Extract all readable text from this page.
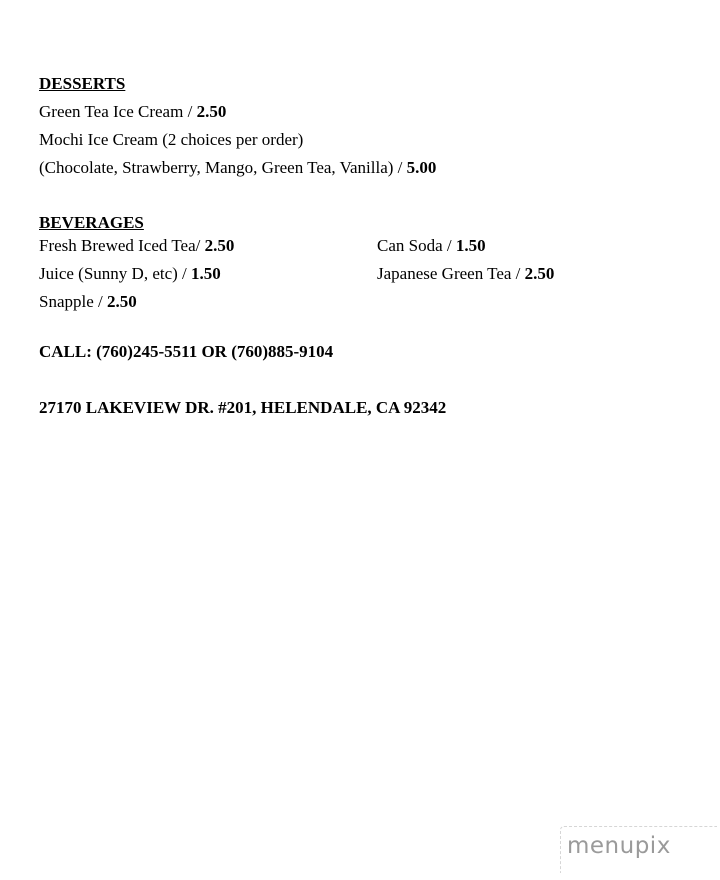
DESSERTS
Green Tea Ice Cream / 2.50
Mochi Ice Cream (2 choices per order)
(Chocolate, Strawberry, Mango, Green Tea, Vanilla) / 5.00
BEVERAGES
Fresh Brewed Iced Tea/ 2.50	Can Soda / 1.50
Juice (Sunny D, etc) / 1.50	Japanese Green Tea / 2.50
Snapple / 2.50
CALL: (760)245-5511 OR (760)885-9104
27170 LAKEVIEW DR. #201, HELENDALE, CA 92342
menupix
